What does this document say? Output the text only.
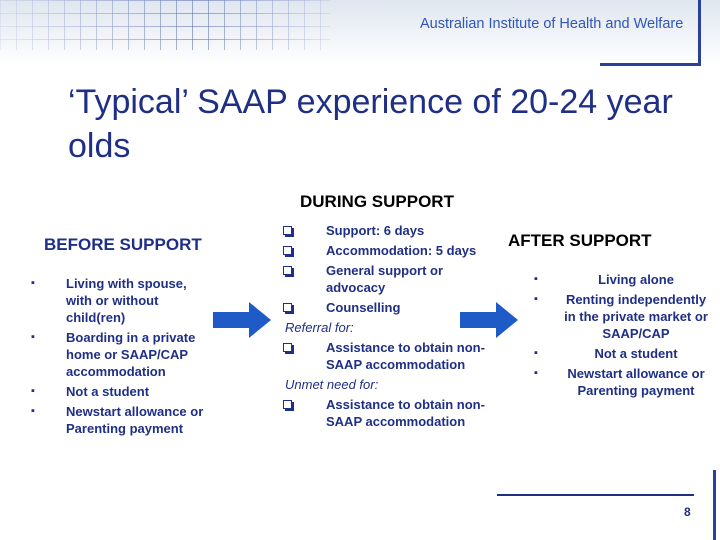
Australian Institute of Health and Welfare
‘Typical’ SAAP experience of 20-24 year olds
BEFORE SUPPORT
▪ Living with spouse, with or without child(ren)
▪ Boarding in a private home or SAAP/CAP accommodation
▪ Not a student
▪ Newstart allowance or Parenting payment
DURING SUPPORT
Support: 6 days
Accommodation: 5 days
General support or advocacy
Counselling
Referral for:
Assistance to obtain non-SAAP accommodation
Unmet need for:
Assistance to obtain non-SAAP accommodation
AFTER SUPPORT
▪	Living alone
▪ Renting independently in the private market or SAAP/CAP
▪	Not a student
▪ Newstart allowance or Parenting payment
8
